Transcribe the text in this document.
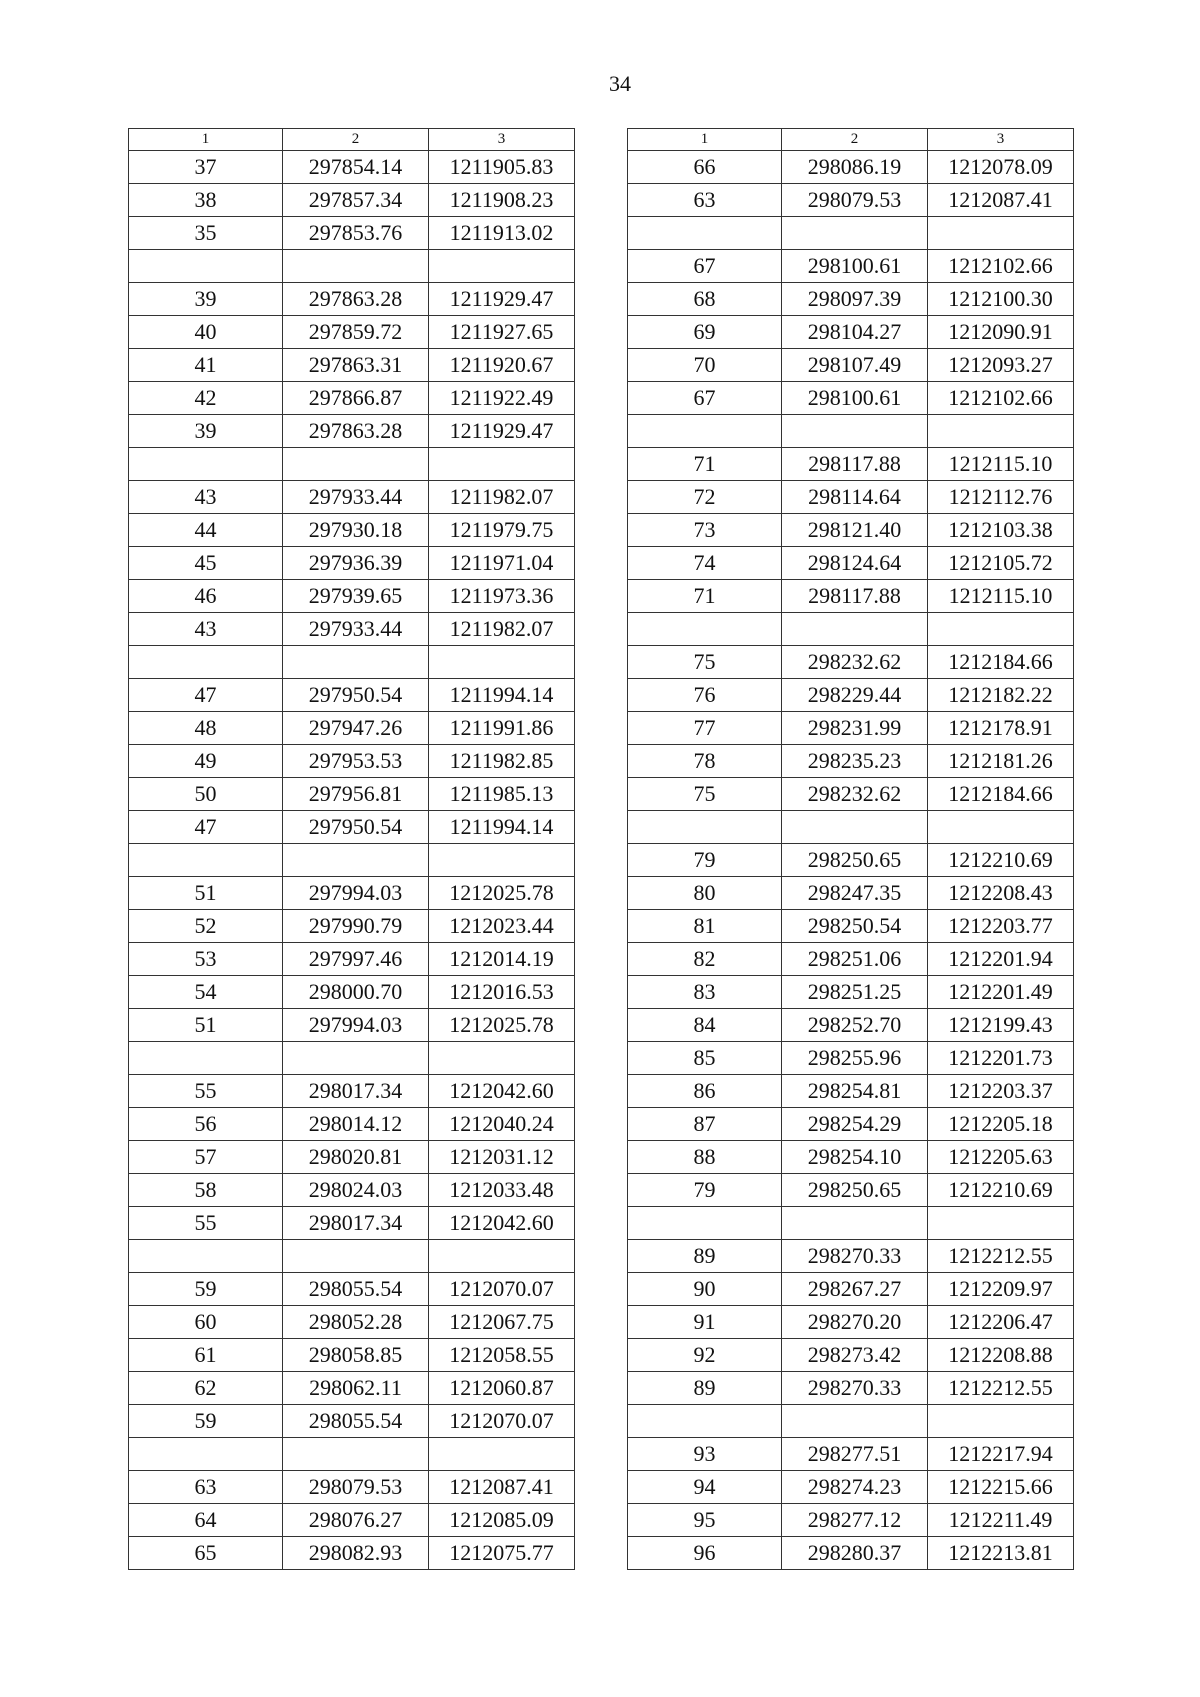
34
1	2	3
37	297854.14	1211905.83
38	297857.34	1211908.23
35	297853.76	1211913.02

39	297863.28	1211929.47
40	297859.72	1211927.65
41	297863.31	1211920.67
42	297866.87	1211922.49
39	297863.28	1211929.47

43	297933.44	1211982.07
44	297930.18	1211979.75
45	297936.39	1211971.04
46	297939.65	1211973.36
43	297933.44	1211982.07

47	297950.54	1211994.14
48	297947.26	1211991.86
49	297953.53	1211982.85
50	297956.81	1211985.13
47	297950.54	1211994.14

51	297994.03	1212025.78
52	297990.79	1212023.44
53	297997.46	1212014.19
54	298000.70	1212016.53
51	297994.03	1212025.78

55	298017.34	1212042.60
56	298014.12	1212040.24
57	298020.81	1212031.12
58	298024.03	1212033.48
55	298017.34	1212042.60

59	298055.54	1212070.07
60	298052.28	1212067.75
61	298058.85	1212058.55
62	298062.11	1212060.87
59	298055.54	1212070.07

63	298079.53	1212087.41
64	298076.27	1212085.09
65	298082.93	1212075.77
1	2	3
66	298086.19	1212078.09
63	298079.53	1212087.41

67	298100.61	1212102.66
68	298097.39	1212100.30
69	298104.27	1212090.91
70	298107.49	1212093.27
67	298100.61	1212102.66

71	298117.88	1212115.10
72	298114.64	1212112.76
73	298121.40	1212103.38
74	298124.64	1212105.72
71	298117.88	1212115.10

75	298232.62	1212184.66
76	298229.44	1212182.22
77	298231.99	1212178.91
78	298235.23	1212181.26
75	298232.62	1212184.66

79	298250.65	1212210.69
80	298247.35	1212208.43
81	298250.54	1212203.77
82	298251.06	1212201.94
83	298251.25	1212201.49
84	298252.70	1212199.43
85	298255.96	1212201.73
86	298254.81	1212203.37
87	298254.29	1212205.18
88	298254.10	1212205.63
79	298250.65	1212210.69

89	298270.33	1212212.55
90	298267.27	1212209.97
91	298270.20	1212206.47
92	298273.42	1212208.88
89	298270.33	1212212.55

93	298277.51	1212217.94
94	298274.23	1212215.66
95	298277.12	1212211.49
96	298280.37	1212213.81
